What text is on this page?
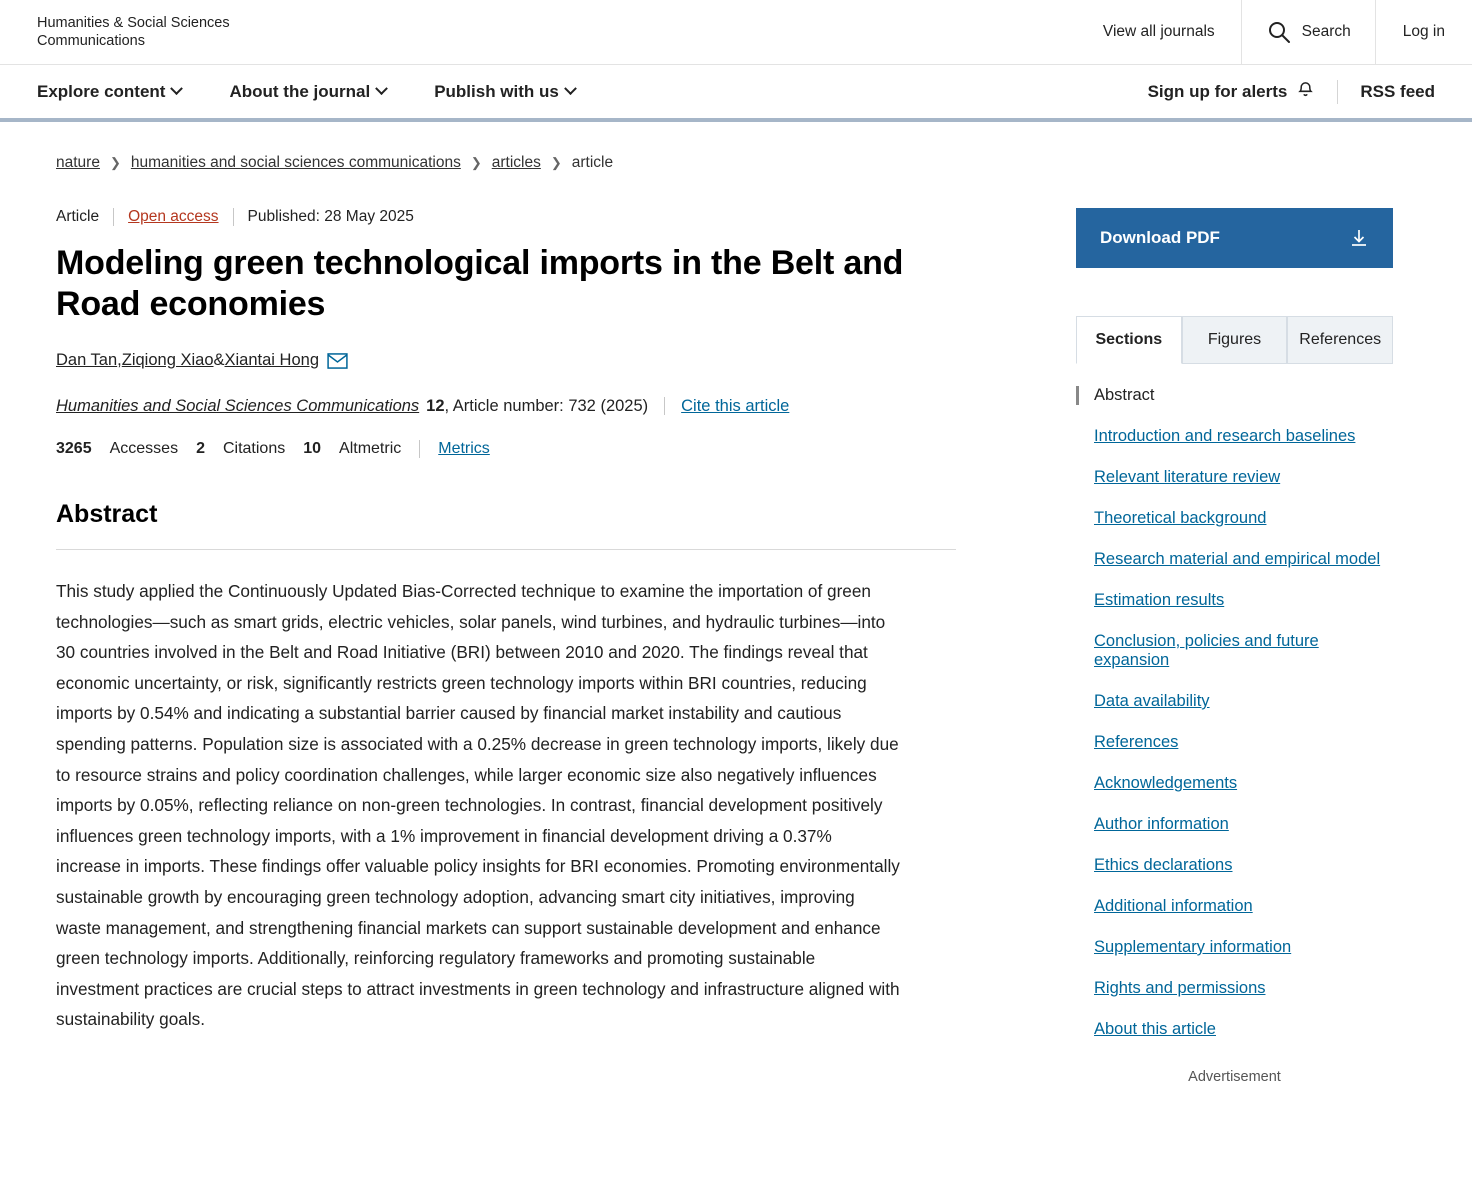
Humanities & Social Sciences Communications
View all journals	Search	Log in
Explore content	About the journal	Publish with us	Sign up for alerts	RSS feed
nature ❯ humanities and social sciences communications ❯ articles ❯ article
Article	Open access	Published: 28 May 2025
Modeling green technological imports in the Belt and Road economies
Dan Tan , Ziqiong Xiao & Xiantai Hong
Humanities and Social Sciences Communications 12 , Article number: 732 (2025) Cite this article
3265 Accesses 2 Citations 10 Altmetric Metrics
Abstract

This study applied the Continuously Updated Bias-Corrected technique to examine the importation of green technologies—such as smart grids, electric vehicles, solar panels, wind turbines, and hydraulic turbines—into 30 countries involved in the Belt and Road Initiative (BRI) between 2010 and 2020. The findings reveal that economic uncertainty, or risk, significantly restricts green technology imports within BRI countries, reducing imports by 0.54% and indicating a substantial barrier caused by financial market instability and cautious spending patterns. Population size is associated with a 0.25% decrease in green technology imports, likely due to resource strains and policy coordination challenges, while larger economic size also negatively influences imports by 0.05%, reflecting reliance on non-green technologies. In contrast, financial development positively influences green technology imports, with a 1% improvement in financial development driving a 0.37% increase in imports. These findings offer valuable policy insights for BRI economies. Promoting environmentally sustainable growth by encouraging green technology adoption, advancing smart city initiatives, improving waste management, and strengthening financial markets can support sustainable development and enhance green technology imports. Additionally, reinforcing regulatory frameworks and promoting sustainable investment practices are crucial steps to attract investments in green technology and infrastructure aligned with sustainability goals.

Download PDF
Sections	Figures	References
Abstract
Introduction and research baselines
Relevant literature review
Theoretical background
Research material and empirical model
Estimation results
Conclusion, policies and future expansion
Data availability
References
Acknowledgements
Author information
Ethics declarations
Additional information
Supplementary information
Rights and permissions
About this article
Advertisement
